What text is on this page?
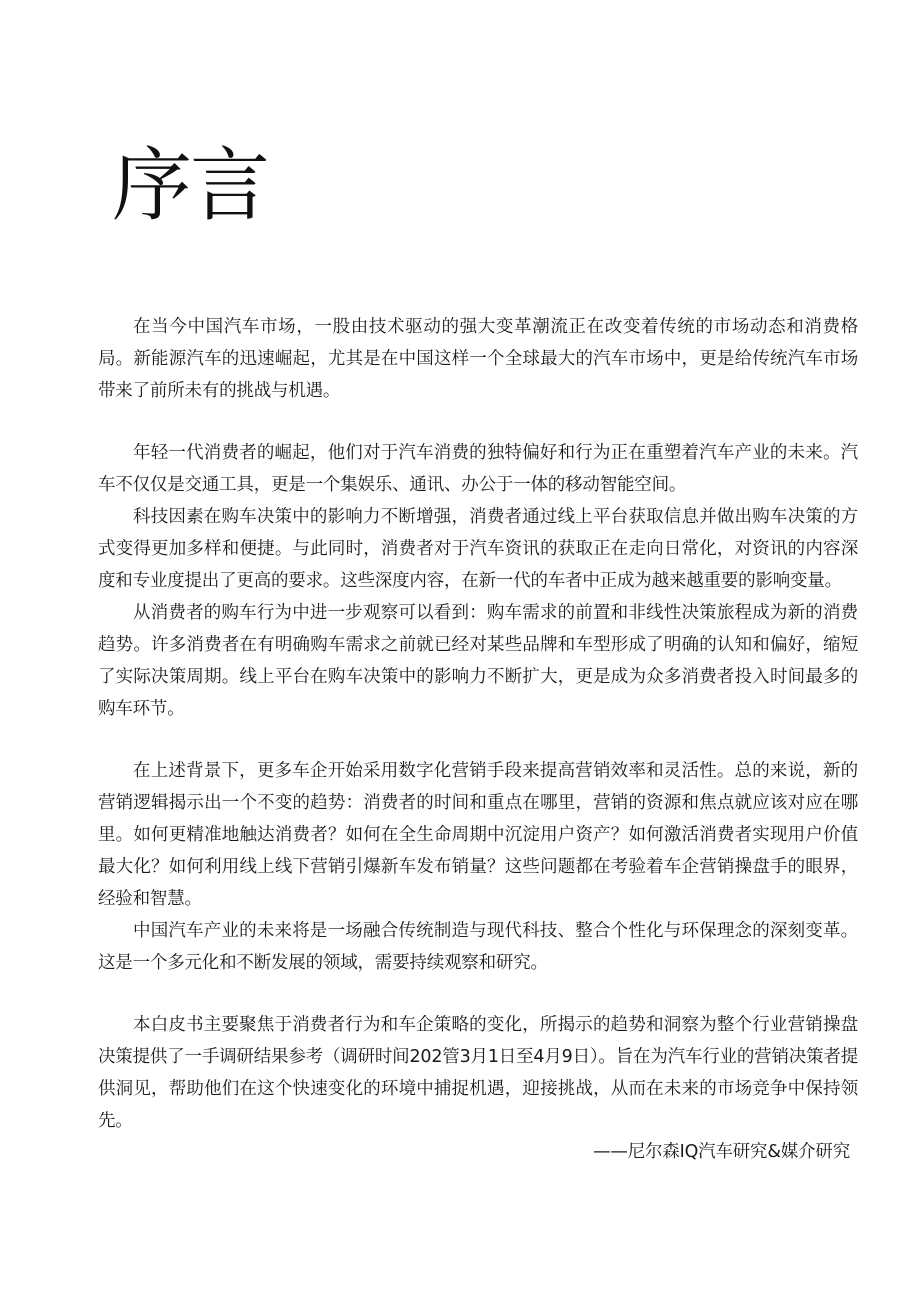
序言

在当今中国汽车市场，一股由技术驱动的强大变革潮流正在改变着传统的市场动态和消费格局。新能源汽车的迅速崛起，尤其是在中国这样一个全球最大的汽车市场中，更是给传统汽车市场带来了前所未有的挑战与机遇。

年轻一代消费者的崛起，他们对于汽车消费的独特偏好和行为正在重塑着汽车产业的未来。汽车不仅仅是交通工具，更是一个集娱乐、通讯、办公于一体的移动智能空间。

科技因素在购车决策中的影响力不断增强，消费者通过线上平台获取信息并做出购车决策的方式变得更加多样和便捷。与此同时，消费者对于汽车资讯的获取正在走向日常化，对资讯的内容深度和专业度提出了更高的要求。这些深度内容，在新一代的车者中正成为越来越重要的影响变量。

从消费者的购车行为中进一步观察可以看到：购车需求的前置和非线性决策旅程成为新的消费趋势。许多消费者在有明确购车需求之前就已经对某些品牌和车型形成了明确的认知和偏好，缩短了实际决策周期。线上平台在购车决策中的影响力不断扩大，更是成为众多消费者投入时间最多的购车环节。

在上述背景下，更多车企开始采用数字化营销手段来提高营销效率和灵活性。总的来说，新的营销逻辑揭示出一个不变的趋势：消费者的时间和重点在哪里，营销的资源和焦点就应该对应在哪里。如何更精准地触达消费者？如何在全生命周期中沉淀用户资产？如何激活消费者实现用户价值最大化？如何利用线上线下营销引爆新车发布销量？这些问题都在考验着车企营销操盘手的眼界，经验和智慧。

中国汽车产业的未来将是一场融合传统制造与现代科技、整合个性化与环保理念的深刻变革。这是一个多元化和不断发展的领域，需要持续观察和研究。

本白皮书主要聚焦于消费者行为和车企策略的变化，所揭示的趋势和洞察为整个行业营销操盘决策提供了一手调研结果参考（调研时间202管3月1日至4月9日）。旨在为汽车行业的营销决策者提供洞见，帮助他们在这个快速变化的环境中捕捉机遇，迎接挑战，从而在未来的市场竞争中保持领先。

——尼尔森IQ汽车研究&媒介研究
